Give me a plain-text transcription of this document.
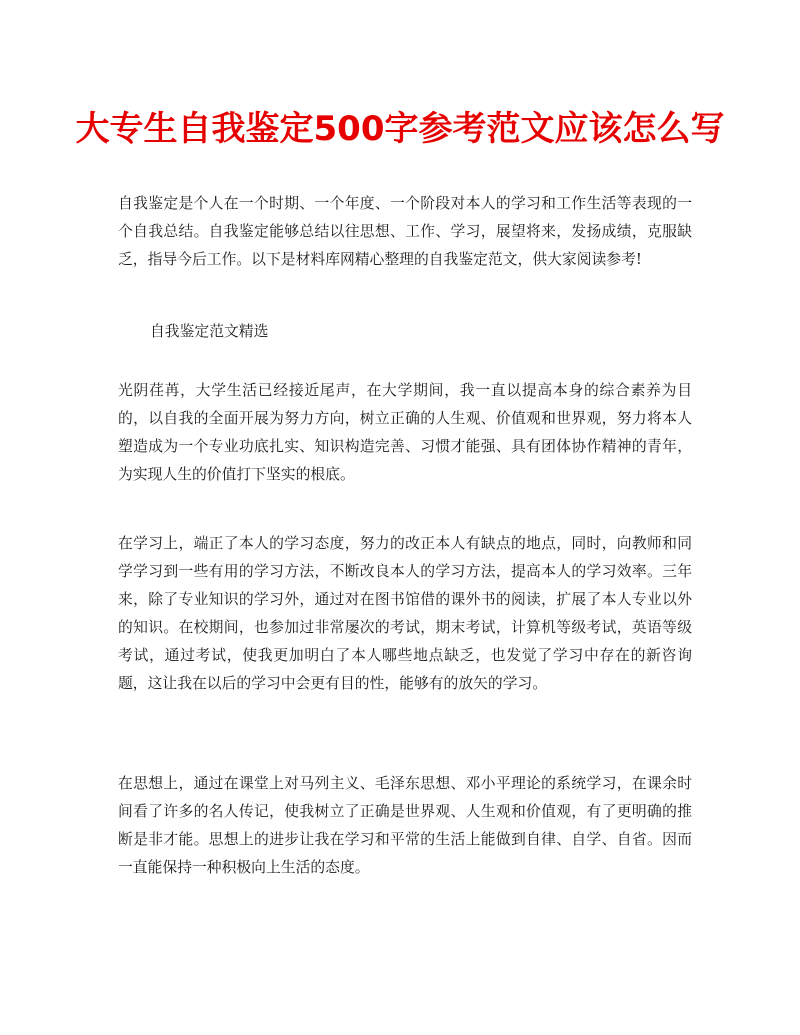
大专生自我鉴定500字参考范文应该怎么写

自我鉴定是个人在一个时期、一个年度、一个阶段对本人的学习和工作生活等表现的一个自我总结。自我鉴定能够总结以往思想、工作、学习，展望将来，发扬成绩，克服缺乏，指导今后工作。以下是材料库网精心整理的自我鉴定范文，供大家阅读参考!

自我鉴定范文精选

光阴荏苒，大学生活已经接近尾声，在大学期间，我一直以提高本身的综合素养为目的，以自我的全面开展为努力方向，树立正确的人生观、价值观和世界观，努力将本人塑造成为一个专业功底扎实、知识构造完善、习惯才能强、具有团体协作精神的青年，为实现人生的价值打下坚实的根底。

在学习上，端正了本人的学习态度，努力的改正本人有缺点的地点，同时，向教师和同学学习到一些有用的学习方法，不断改良本人的学习方法，提高本人的学习效率。三年来，除了专业知识的学习外，通过对在图书馆借的课外书的阅读，扩展了本人专业以外的知识。在校期间，也参加过非常屡次的考试，期末考试，计算机等级考试，英语等级考试，通过考试，使我更加明白了本人哪些地点缺乏，也发觉了学习中存在的新咨询题，这让我在以后的学习中会更有目的性，能够有的放矢的学习。

在思想上，通过在课堂上对马列主义、毛泽东思想、邓小平理论的系统学习，在课余时间看了许多的名人传记，使我树立了正确是世界观、人生观和价值观，有了更明确的推断是非才能。思想上的进步让我在学习和平常的生活上能做到自律、自学、自省。因而一直能保持一种积极向上生活的态度。
